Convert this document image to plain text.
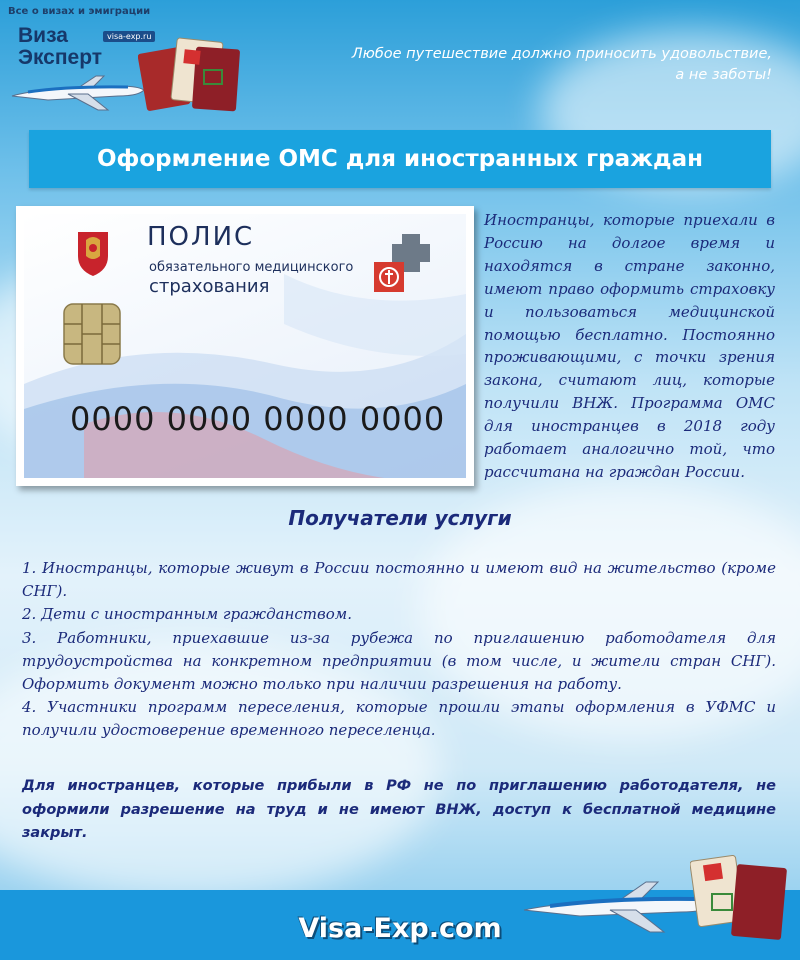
Все о визах и эмиграции
Виза
Эксперт
visa-exp.ru
Любое путешествие должно приносить удовольствие,
а не заботы!
Оформление ОМС для иностранных граждан
ПОЛИС
обязательного медицинского
страхования
0000 0000 0000 0000
Иностранцы, которые приехали в Россию на долгое время и находятся в стране законно, имеют право оформить страховку и пользоваться медицинской помощью бесплатно. Постоянно проживающими, с точки зрения закона, считают лиц, которые получили ВНЖ. Программа ОМС для иностранцев в 2018 году работает аналогично той, что рассчитана на граждан России.
Получатели услуги
1. Иностранцы, которые живут в России постоянно и имеют вид на жительство (кроме СНГ).
2. Дети с иностранным гражданством.
3. Работники, приехавшие из-за рубежа по приглашению работодателя для трудоустройства на конкретном предприятии (в том числе, и жители стран СНГ). Оформить документ можно только при наличии разрешения на работу.
4. Участники программ переселения, которые прошли этапы оформления в УФМС и получили удостоверение временного переселенца.
Для иностранцев, которые прибыли в РФ не по приглашению работодателя, не оформили разрешение на труд и не имеют ВНЖ, доступ к бесплатной медицине закрыт.
Visa-Exp.com
